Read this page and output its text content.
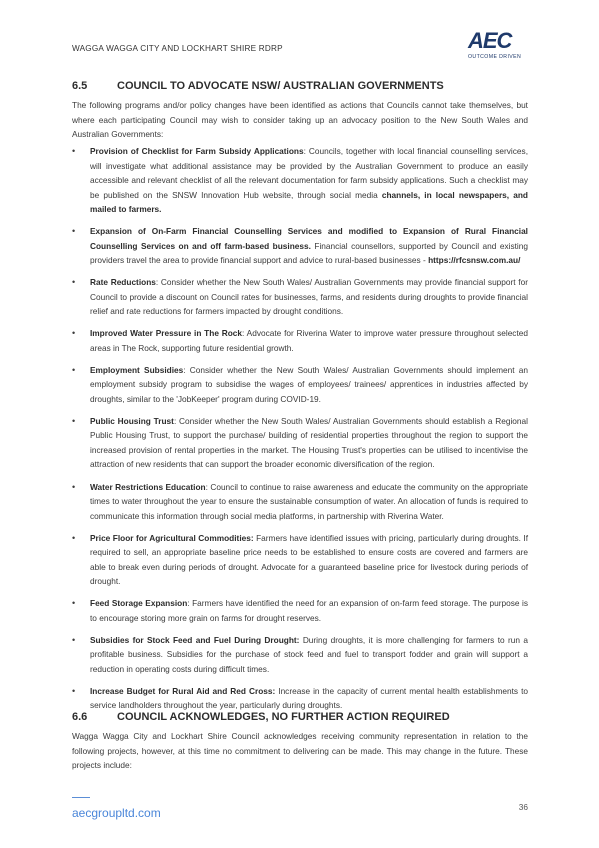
WAGGA WAGGA CITY AND LOCKHART SHIRE RDRP	AEC
OUTCOME DRIVEN
6.5	COUNCIL TO ADVOCATE NSW/ AUSTRALIAN GOVERNMENTS

The following programs and/or policy changes have been identified as actions that Councils cannot take themselves, but where each participating Council may wish to consider taking up an advocacy position to the New South Wales and Australian Governments:

• Provision of Checklist for Farm Subsidy Applications: Councils, together with local financial counselling services, will investigate what additional assistance may be provided by the Australian Government to produce an easily accessible and relevant checklist of all the relevant documentation for farm subsidy applications. Such a checklist may be published on the SNSW Innovation Hub website, through social media channels, in local newspapers, and mailed to farmers.
• Expansion of On-Farm Financial Counselling Services and modified to Expansion of Rural Financial Counselling Services on and off farm-based business. Financial counsellors, supported by Council and existing providers travel the area to provide financial support and advice to rural-based businesses - https://rfcsnsw.com.au/
• Rate Reductions: Consider whether the New South Wales/ Australian Governments may provide financial support for Council to provide a discount on Council rates for businesses, farms, and residents during droughts to provide financial relief and rate reductions for farmers impacted by drought conditions.
• Improved Water Pressure in The Rock: Advocate for Riverina Water to improve water pressure throughout selected areas in The Rock, supporting future residential growth.
• Employment Subsidies: Consider whether the New South Wales/ Australian Governments should implement an employment subsidy program to subsidise the wages of employees/ trainees/ apprentices in industries affected by droughts, similar to the 'JobKeeper' program during COVID-19.
• Public Housing Trust: Consider whether the New South Wales/ Australian Governments should establish a Regional Public Housing Trust, to support the purchase/ building of residential properties throughout the region to support the increased provision of rental properties in the market. The Housing Trust's properties can be utilised to incentivise the attraction of new residents that can support the broader economic diversification of the region.
• Water Restrictions Education: Council to continue to raise awareness and educate the community on the appropriate times to water throughout the year to ensure the sustainable consumption of water. An allocation of funds is required to communicate this information through social media platforms, in partnership with Riverina Water.
• Price Floor for Agricultural Commodities: Farmers have identified issues with pricing, particularly during droughts. If required to sell, an appropriate baseline price needs to be established to ensure costs are covered and farmers are able to break even during periods of drought. Advocate for a guaranteed baseline price for livestock during periods of drought.
• Feed Storage Expansion: Farmers have identified the need for an expansion of on-farm feed storage. The purpose is to encourage storing more grain on farms for drought reserves.
• Subsidies for Stock Feed and Fuel During Drought: During droughts, it is more challenging for farmers to run a profitable business. Subsidies for the purchase of stock feed and fuel to transport fodder and grain will support a reduction in operating costs during difficult times.
• Increase Budget for Rural Aid and Red Cross: Increase in the capacity of current mental health establishments to service landholders throughout the year, particularly during droughts.
6.6	COUNCIL ACKNOWLEDGES, NO FURTHER ACTION REQUIRED

Wagga Wagga City and Lockhart Shire Council acknowledges receiving community representation in relation to the following projects, however, at this time no commitment to delivering can be made. This may change in the future. These projects include:

aecgroupltd.com	36
